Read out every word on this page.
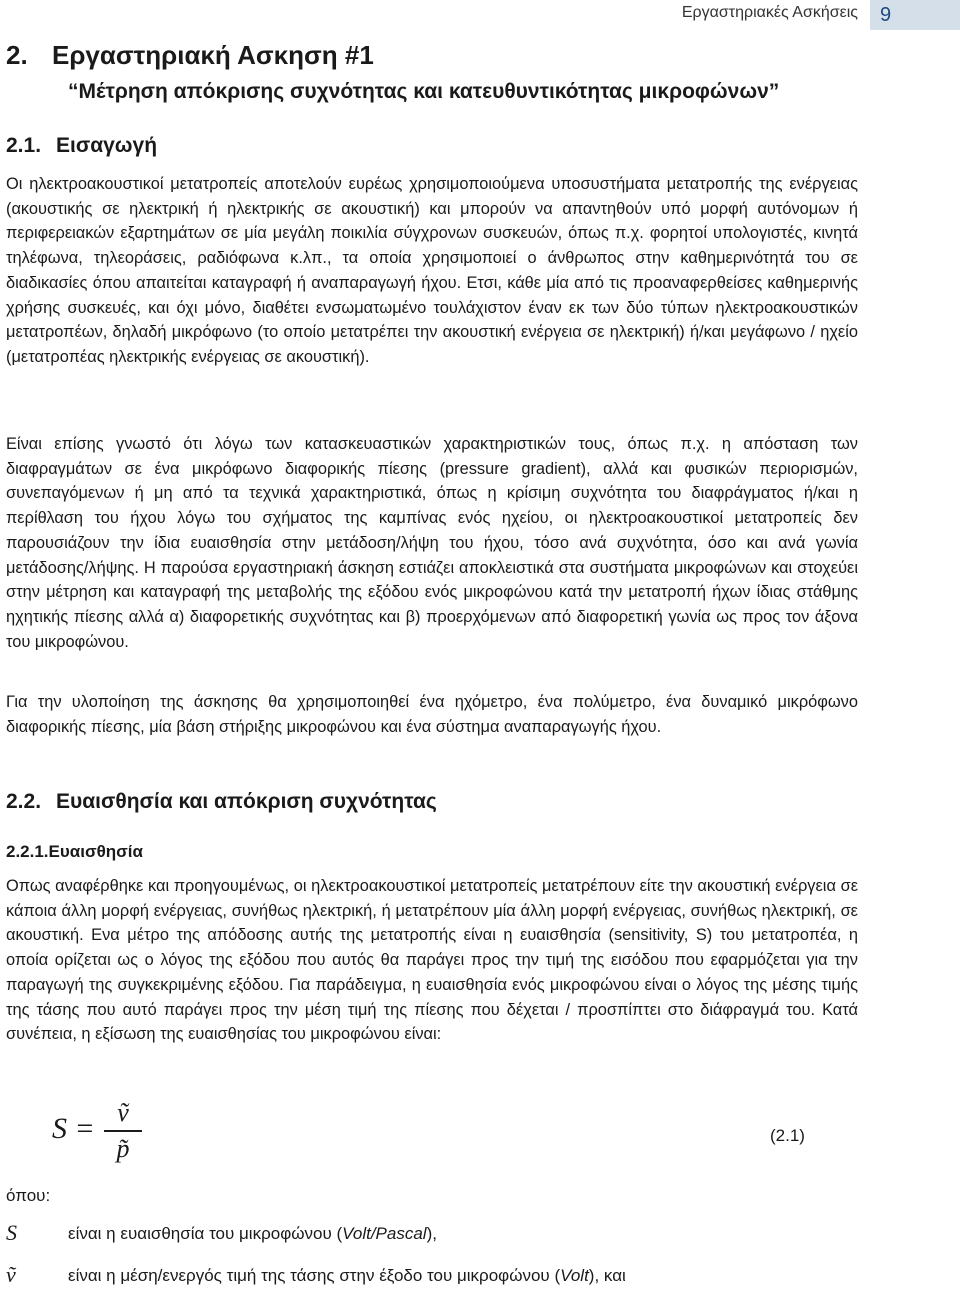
Εργαστηριακές Ασκήσεις	9
2. Εργαστηριακή Ασκηση #1
“Μέτρηση απόκρισης συχνότητας και κατευθυντικότητας μικροφώνων”
2.1. Εισαγωγή

Οι ηλεκτροακουστικοί μετατροπείς αποτελούν ευρέως χρησιμοποιούμενα υποσυστήματα μετατροπής της ενέργειας (ακουστικής σε ηλεκτρική ή ηλεκτρικής σε ακουστική) και μπορούν να απαντηθούν υπό μορφή αυτόνομων ή περιφερειακών εξαρτημάτων σε μία μεγάλη ποικιλία σύγχρονων συσκευών, όπως π.χ. φορητοί υπολογιστές, κινητά τηλέφωνα, τηλεοράσεις, ραδιόφωνα κ.λπ., τα οποία χρησιμοποιεί ο άνθρωπος στην καθημερινότητά του σε διαδικασίες όπου απαιτείται καταγραφή ή αναπαραγωγή ήχου. Ετσι, κάθε μία από τις προαναφερθείσες καθημερινής χρήσης συσκευές, και όχι μόνο, διαθέτει ενσωματωμένο τουλάχιστον έναν εκ των δύο τύπων ηλεκτροακουστικών μετατροπέων, δηλαδή μικρόφωνο (το οποίο μετατρέπει την ακουστική ενέργεια σε ηλεκτρική) ή/και μεγάφωνο / ηχείο (μετατροπέας ηλεκτρικής ενέργειας σε ακουστική).

Είναι επίσης γνωστό ότι λόγω των κατασκευαστικών χαρακτηριστικών τους, όπως π.χ. η απόσταση των διαφραγμάτων σε ένα μικρόφωνο διαφορικής πίεσης (pressure gradient), αλλά και φυσικών περιορισμών, συνεπαγόμενων ή μη από τα τεχνικά χαρακτηριστικά, όπως η κρίσιμη συχνότητα του διαφράγματος ή/και η περίθλαση του ήχου λόγω του σχήματος της καμπίνας ενός ηχείου, οι ηλεκτροακουστικοί μετατροπείς δεν παρουσιάζουν την ίδια ευαισθησία στην μετάδοση/λήψη του ήχου, τόσο ανά συχνότητα, όσο και ανά γωνία μετάδοσης/λήψης. Η παρούσα εργαστηριακή άσκηση εστιάζει αποκλειστικά στα συστήματα μικροφώνων και στοχεύει στην μέτρηση και καταγραφή της μεταβολής της εξόδου ενός μικροφώνου κατά την μετατροπή ήχων ίδιας στάθμης ηχητικής πίεσης αλλά α) διαφορετικής συχνότητας και β) προερχόμενων από διαφορετική γωνία ως προς τον άξονα του μικροφώνου.

Για την υλοποίηση της άσκησης θα χρησιμοποιηθεί ένα ηχόμετρο, ένα πολύμετρο, ένα δυναμικό μικρόφωνο διαφορικής πίεσης, μία βάση στήριξης μικροφώνου και ένα σύστημα αναπαραγωγής ήχου.

2.2. Ευαισθησία και απόκριση συχνότητας
2.2.1.Ευαισθησία

Οπως αναφέρθηκε και προηγουμένως, οι ηλεκτροακουστικοί μετατροπείς μετατρέπουν είτε την ακουστική ενέργεια σε κάποια άλλη μορφή ενέργειας, συνήθως ηλεκτρική, ή μετατρέπουν μία άλλη μορφή ενέργειας, συνήθως ηλεκτρική, σε ακουστική. Ενα μέτρο της απόδοσης αυτής της μετατροπής είναι η ευαισθησία (sensitivity, S) του μετατροπέα, η οποία ορίζεται ως ο λόγος της εξόδου που αυτός θα παράγει προς την τιμή της εισόδου που εφαρμόζεται για την παραγωγή της συγκεκριμένης εξόδου. Για παράδειγμα, η ευαισθησία ενός μικροφώνου είναι ο λόγος της μέσης τιμής της τάσης που αυτό παράγει προς την μέση τιμή της πίεσης που δέχεται / προσπίπτει στο διάφραγμά του. Κατά συνέπεια, η εξίσωση της ευαισθησίας του μικροφώνου είναι:

S = ṽ
p̃	(2.1)
όπου:
S	είναι η ευαισθησία του μικροφώνου (Volt/Pascal),
ṽ	είναι η μέση/ενεργός τιμή της τάσης στην έξοδο του μικροφώνου (Volt), και
